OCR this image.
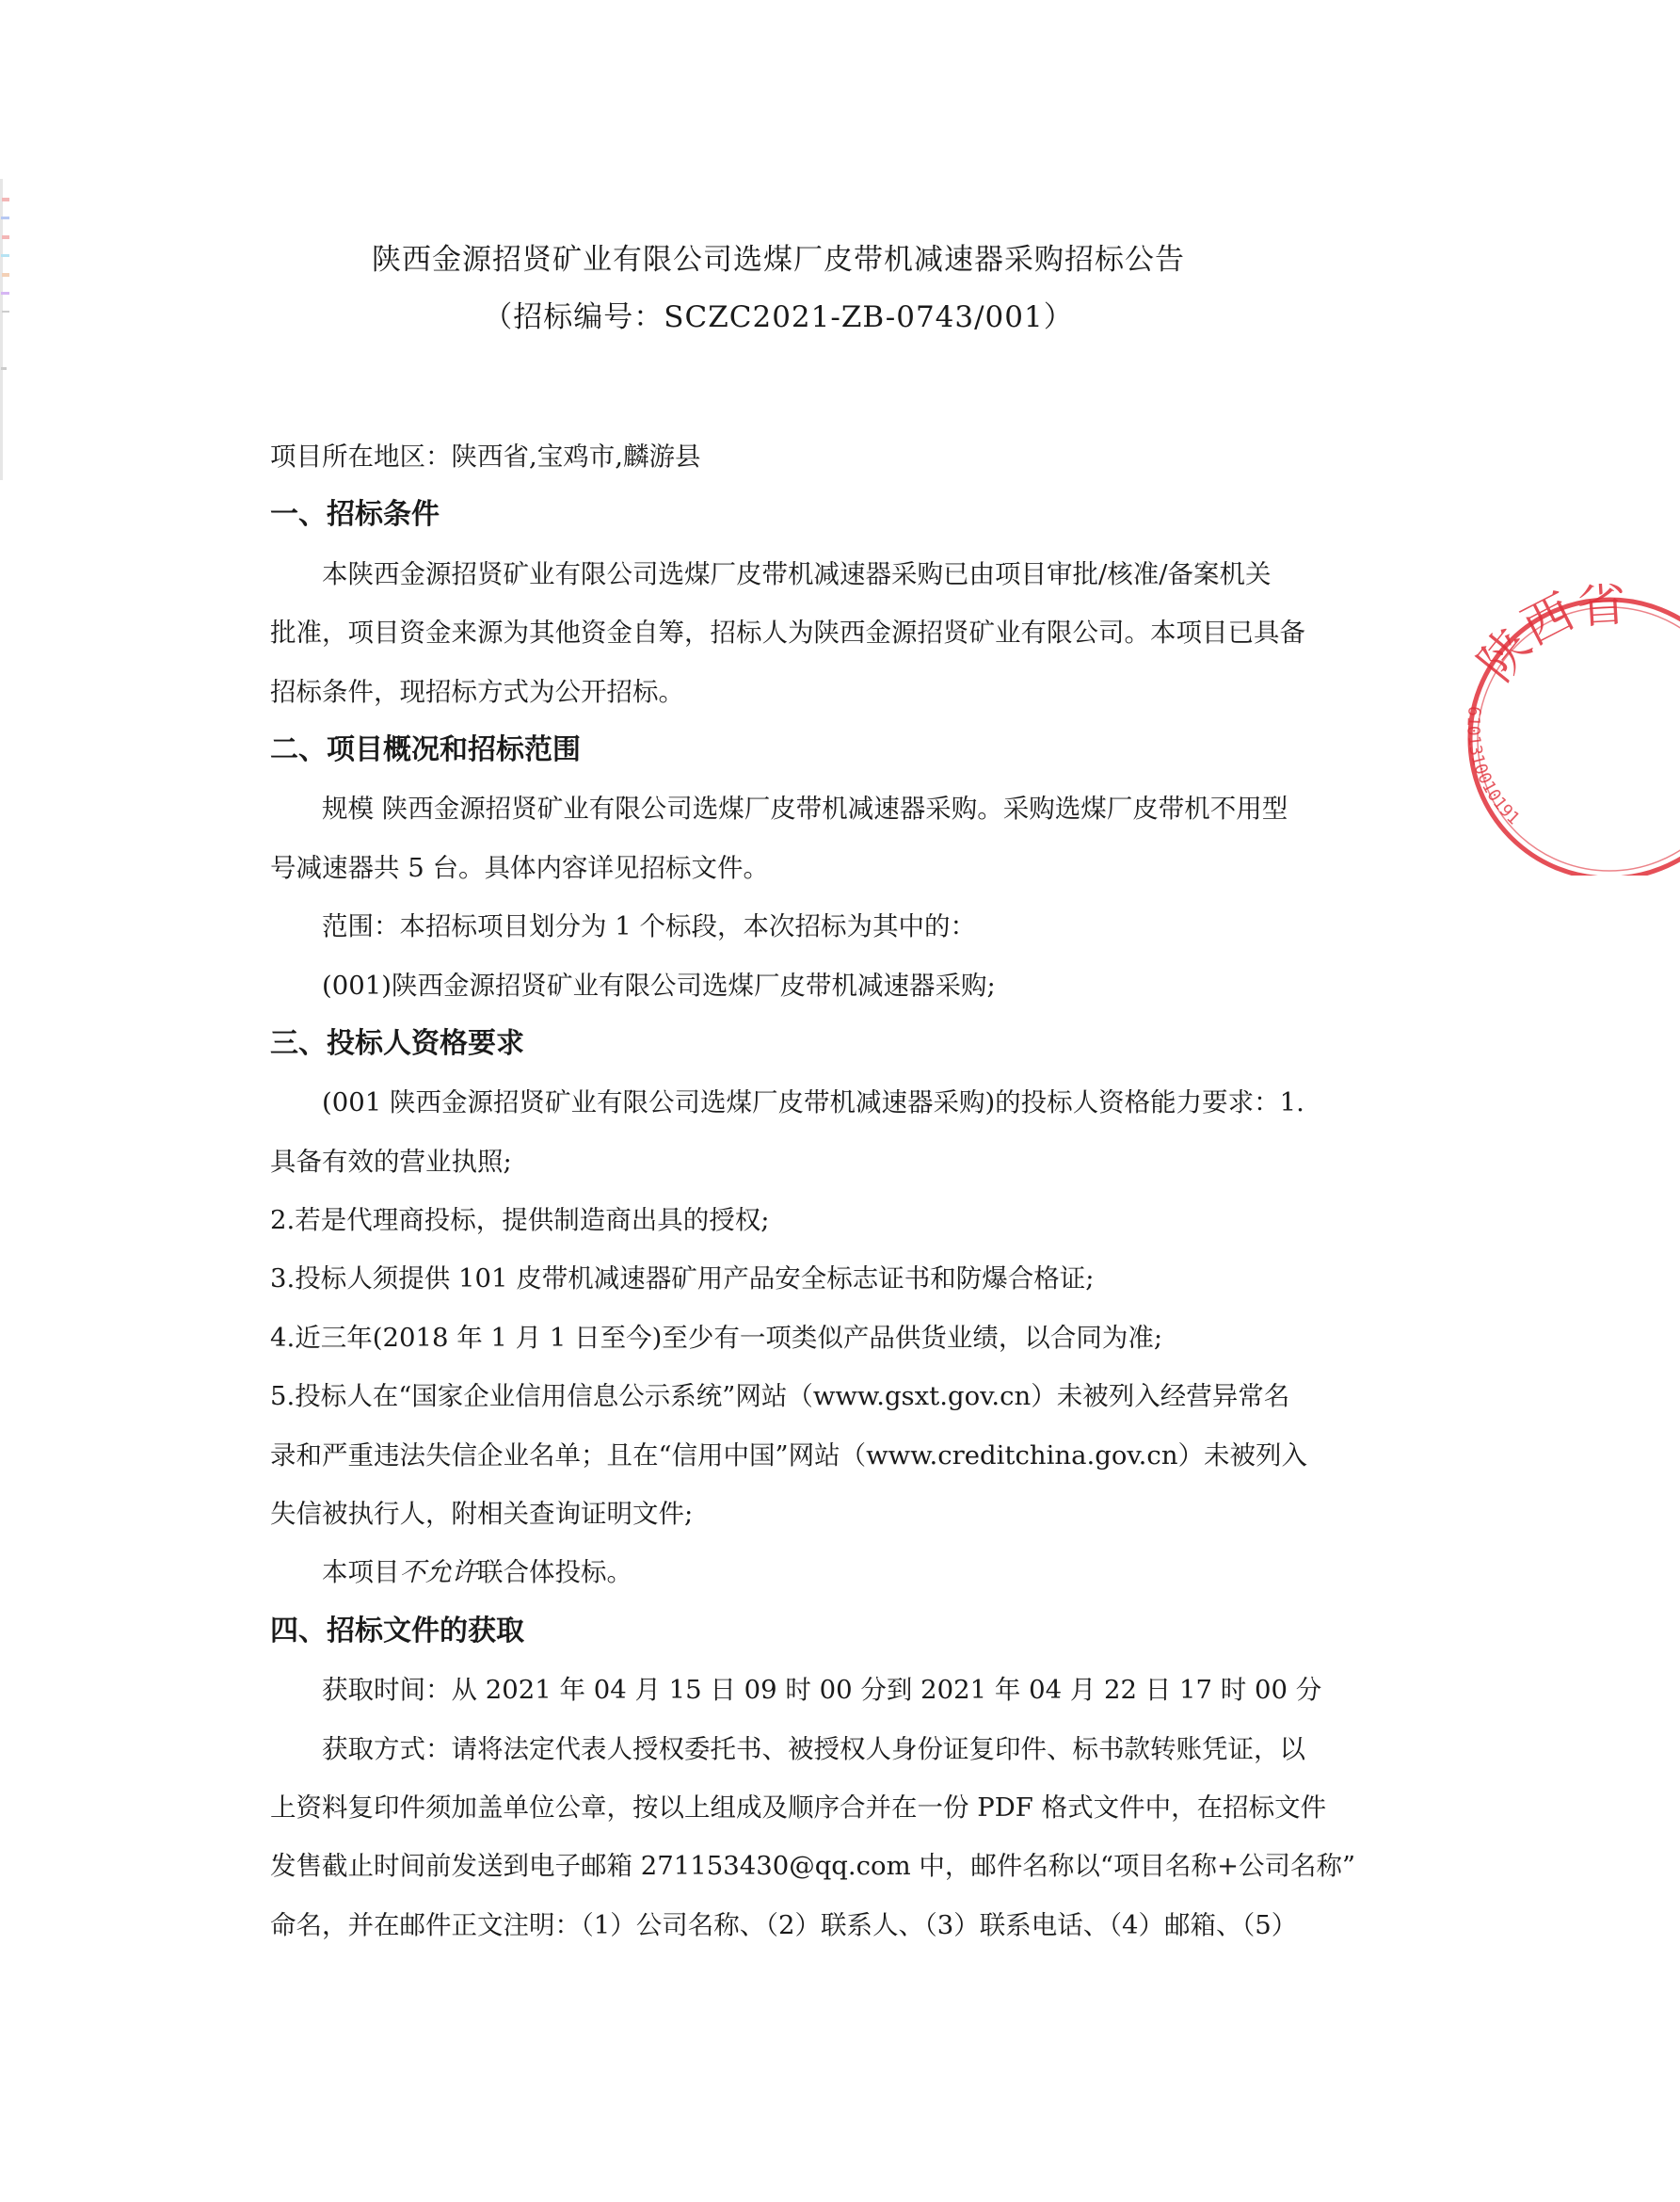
陕西金源招贤矿业有限公司选煤厂皮带机减速器采购招标公告
（招标编号：SCZC2021-ZB-0743/001）
项目所在地区：陕西省,宝鸡市,麟游县
一、招标条件
本陕西金源招贤矿业有限公司选煤厂皮带机减速器采购已由项目审批/核准/备案机关
批准，项目资金来源为其他资金自筹，招标人为陕西金源招贤矿业有限公司。本项目已具备
招标条件，现招标方式为公开招标。
二、项目概况和招标范围
规模 陕西金源招贤矿业有限公司选煤厂皮带机减速器采购。采购选煤厂皮带机不用型
号减速器共 5 台。具体内容详见招标文件。
范围：本招标项目划分为 1 个标段，本次招标为其中的：
(001)陕西金源招贤矿业有限公司选煤厂皮带机减速器采购;
三、投标人资格要求
(001 陕西金源招贤矿业有限公司选煤厂皮带机减速器采购)的投标人资格能力要求：1.
具备有效的营业执照;
2.若是代理商投标，提供制造商出具的授权;
3.投标人须提供 101 皮带机减速器矿用产品安全标志证书和防爆合格证;
4.近三年(2018 年 1 月 1 日至今)至少有一项类似产品供货业绩，以合同为准;
5.投标人在“国家企业信用信息公示系统”网站（www.gsxt.gov.cn）未被列入经营异常名
录和严重违法失信企业名单；且在“信用中国”网站（www.creditchina.gov.cn）未被列入
失信被执行人，附相关查询证明文件;
本项目不允许联合体投标。
四、招标文件的获取
获取时间：从 2021 年 04 月 15 日 09 时 00 分到 2021 年 04 月 22 日 17 时 00 分
获取方式：请将法定代表人授权委托书、被授权人身份证复印件、标书款转账凭证，以
上资料复印件须加盖单位公章，按以上组成及顺序合并在一份 PDF 格式文件中，在招标文件
发售截止时间前发送到电子邮箱 271153430@qq.com 中，邮件名称以“项目名称+公司名称”
命名，并在邮件正文注明：（1）公司名称、（2）联系人、（3）联系电话、（4）邮箱、（5）
陕西省
6101310010191
